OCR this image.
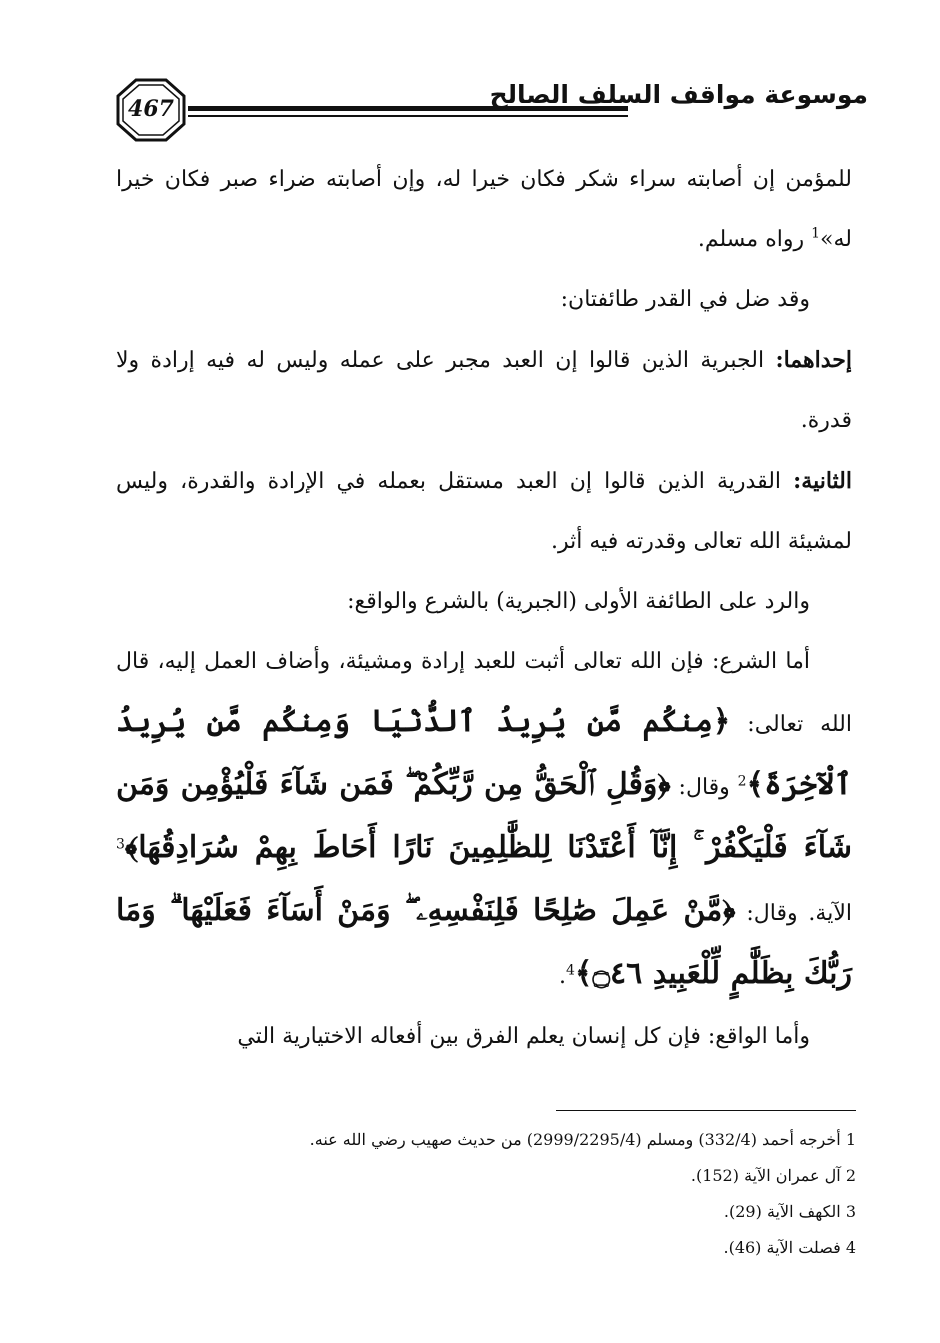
467	موسوعة مواقف السلف الصالح

للمؤمن إن أصابته سراء شكر فكان خيرا له، وإن أصابته ضراء صبر فكان خيرا له»$^1$ رواه مسلم.

وقد ضل في القدر طائفتان:

إحداهما: الجبرية الذين قالوا إن العبد مجبر على عمله وليس له فيه إرادة ولا قدرة.

الثانية: القدرية الذين قالوا إن العبد مستقل بعمله في الإرادة والقدرة، وليس لمشيئة الله تعالى وقدرته فيه أثر.

والرد على الطائفة الأولى (الجبرية) بالشرع والواقع:

أما الشرع: فإن الله تعالى أثبت للعبد إرادة ومشيئة، وأضاف العمل إليه، قال الله تعالى: ﴿مِنكُم مَّن يُرِيدُ ٱلدُّنْيَا وَمِنكُم مَّن يُرِيدُ ٱلْآخِرَةَ﴾$^2$ وقال: ﴿وَقُلِ ٱلْحَقُّ مِن رَّبِّكُمْ ۖ فَمَن شَآءَ فَلْيُؤْمِن وَمَن شَآءَ فَلْيَكْفُرْ ۚ إِنَّآ أَعْتَدْنَا لِلظَّٰلِمِينَ نَارًا أَحَاطَ بِهِمْ سُرَادِقُهَا﴾$^3$ الآية. وقال: ﴿مَّنْ عَمِلَ صَٰلِحًا فَلِنَفْسِهِۦ ۖ وَمَنْ أَسَآءَ فَعَلَيْهَا ۗ وَمَا رَبُّكَ بِظَلَّٰمٍ لِّلْعَبِيدِ ۝٤٦﴾$^4$.

وأما الواقع: فإن كل إنسان يعلم الفرق بين أفعاله الاختيارية التي

1 أخرجه أحمد (332/4) ومسلم (2999/2295/4) من حديث صهيب رضي الله عنه.
2 آل عمران الآية (152).
3 الكهف الآية (29).
4 فصلت الآية (46).
